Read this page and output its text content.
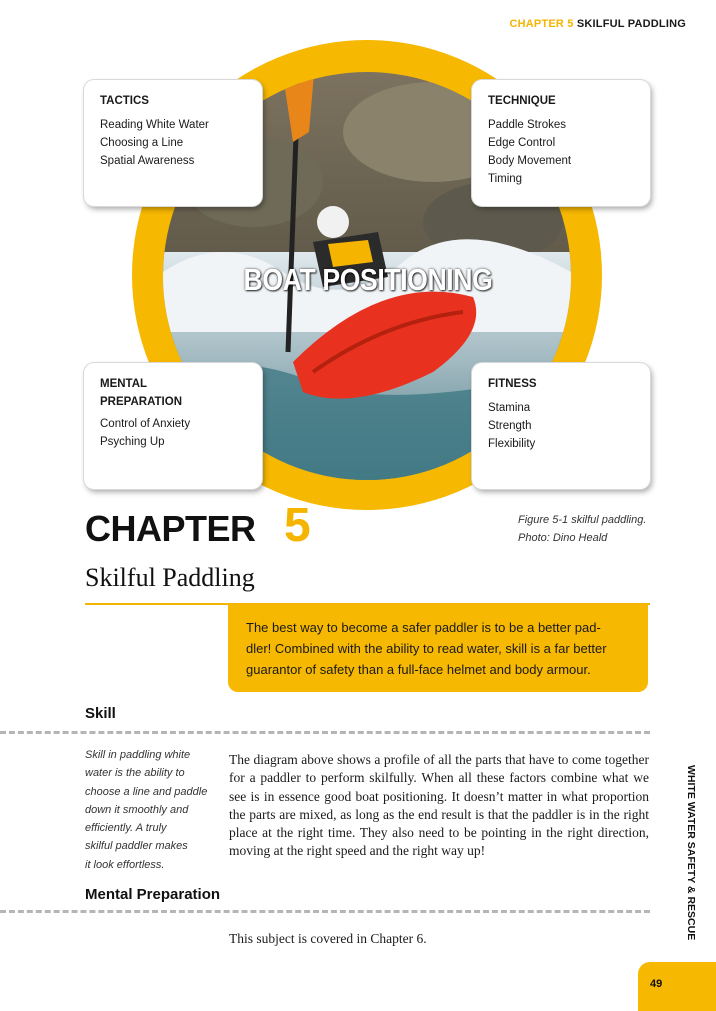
CHAPTER 5 SKILFUL PADDLING
TACTICS
Reading White Water
Choosing a Line
Spatial Awareness
TECHNIQUE
Paddle Strokes
Edge Control
Body Movement
Timing
MENTAL
PREPARATION
Control of Anxiety
Psyching Up
FITNESS
Stamina
Strength
Flexibility
BOAT POSITIONING
Figure 5-1 skilful paddling.
Photo: Dino Heald
CHAPTER 5
Skilful Paddling
The best way to become a safer paddler is to be a better pad-
dler! Combined with the ability to read water, skill is a far better
guarantor of safety than a full-face helmet and body armour.
Skill
Skill in paddling white
water is the ability to
choose a line and paddle
down it smoothly and
efficiently. A truly
skilful paddler makes
it look effortless.
The diagram above shows a profile of all the parts that have to come together for a paddler to perform skilfully. When all these factors combine what we see is in essence good boat positioning. It doesn’t matter in what proportion the parts are mixed, as long as the end result is that the paddler is in the right place at the right time. They also need to be pointing in the right direction, moving at the right speed and the right way up!
Mental Preparation
This subject is covered in Chapter 6.	WHITE WATER SAFETY & RESCUE
49
